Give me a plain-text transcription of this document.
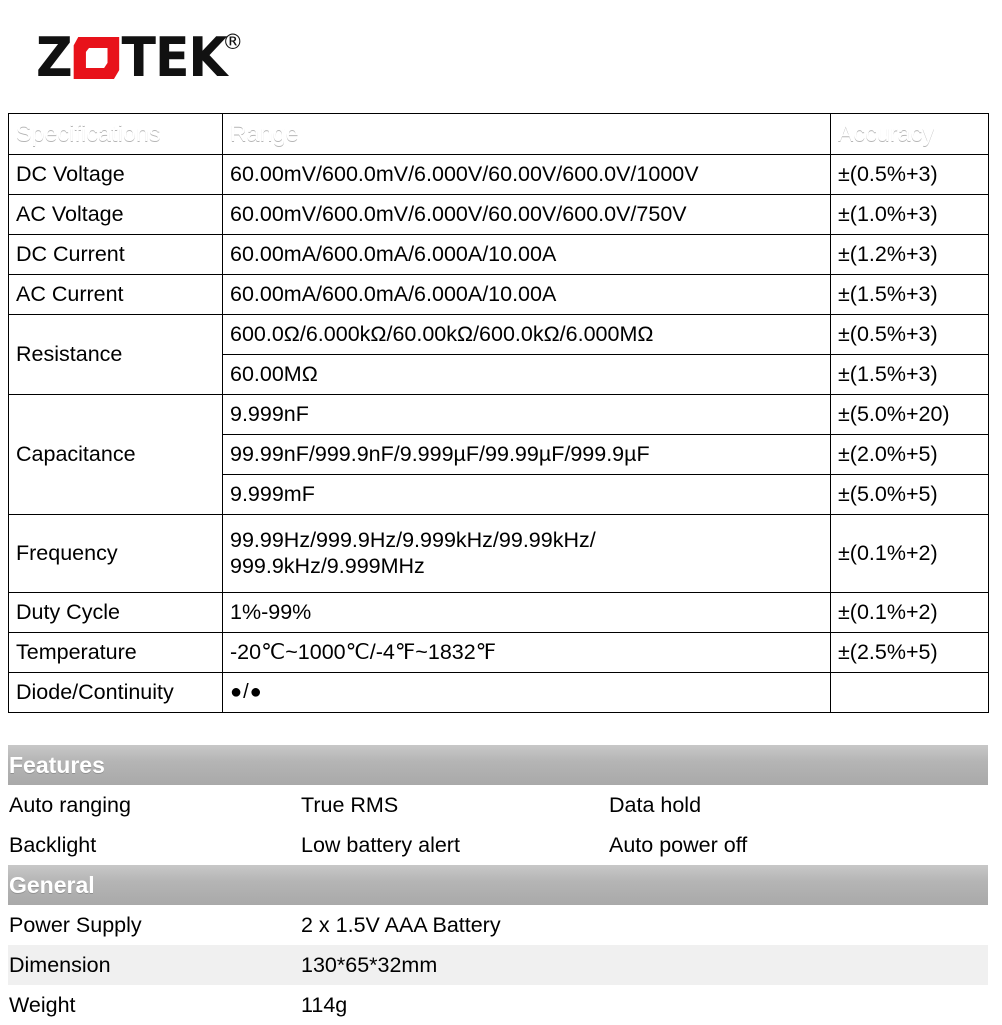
Z TEK
®
Specifications	Range	Accuracy
DC Voltage	60.00mV/600.0mV/6.000V/60.00V/600.0V/1000V	±(0.5%+3)
AC Voltage	60.00mV/600.0mV/6.000V/60.00V/600.0V/750V	±(1.0%+3)
DC Current	60.00mA/600.0mA/6.000A/10.00A	±(1.2%+3)
AC Current	60.00mA/600.0mA/6.000A/10.00A	±(1.5%+3)
Resistance	600.0Ω/6.000kΩ/60.00kΩ/600.0kΩ/6.000MΩ	±(0.5%+3)
	60.00MΩ	±(1.5%+3)
Capacitance	9.999nF	±(5.0%+20)
	99.99nF/999.9nF/9.999µF/99.99µF/999.9µF	±(2.0%+5)
	9.999mF	±(5.0%+5)
Frequency	99.99Hz/999.9Hz/9.999kHz/99.99kHz/
999.9kHz/9.999MHz	±(0.1%+2)
Duty Cycle	1%-99%	±(0.1%+2)
Temperature	-20℃~1000℃/-4℉~1832℉	±(2.5%+5)
Diode/Continuity	●/●	
Features		
Auto ranging	True RMS	Data hold
Backlight	Low battery alert	Auto power off
General	
Power Supply	2 x 1.5V AAA Battery
Dimension	130*65*32mm
Weight	114g
